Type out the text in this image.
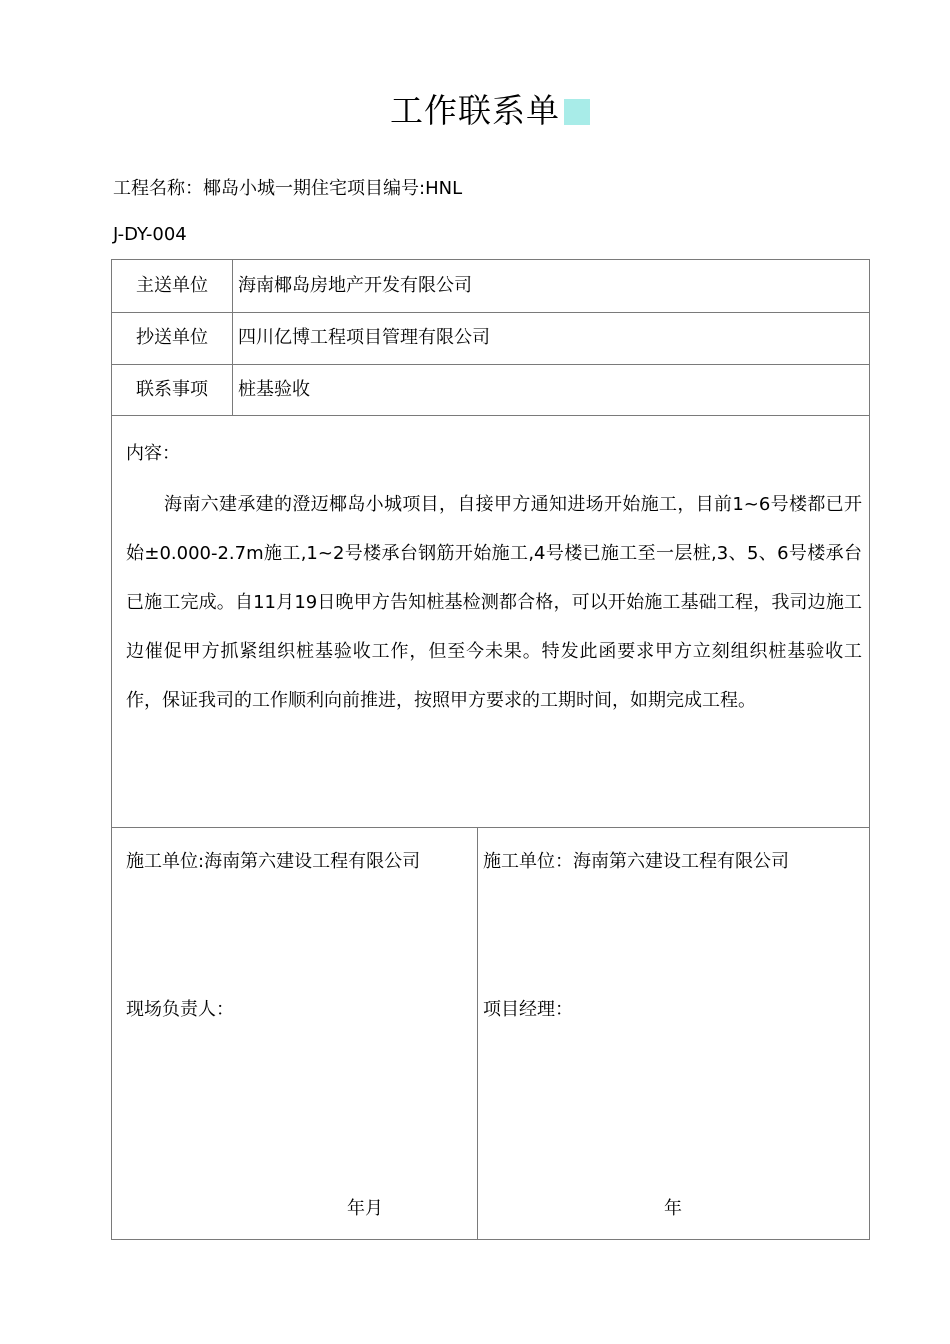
工作联系单
工程名称：椰岛小城一期住宅项目编号:HNL
J-DY-004
主送单位	海南椰岛房地产开发有限公司
抄送单位	四川亿博工程项目管理有限公司
联系事项	桩基验收
内容：
海南六建承建的澄迈椰岛小城项目，自接甲方通知进场开始施工，目前1~6号楼都已开始±0.000-2.7m施工,1~2号楼承台钢筋开始施工,4号楼已施工至一层桩,3、5、6号楼承台已施工完成。自11月19日晚甲方告知桩基检测都合格，可以开始施工基础工程，我司边施工边催促甲方抓紧组织桩基验收工作，但至今未果。特发此函要求甲方立刻组织桩基验收工作，保证我司的工作顺利向前推进，按照甲方要求的工期时间，如期完成工程。
施工单位:海南第六建设工程有限公司
现场负责人：
年月
施工单位：海南第六建设工程有限公司
项目经理：
年
